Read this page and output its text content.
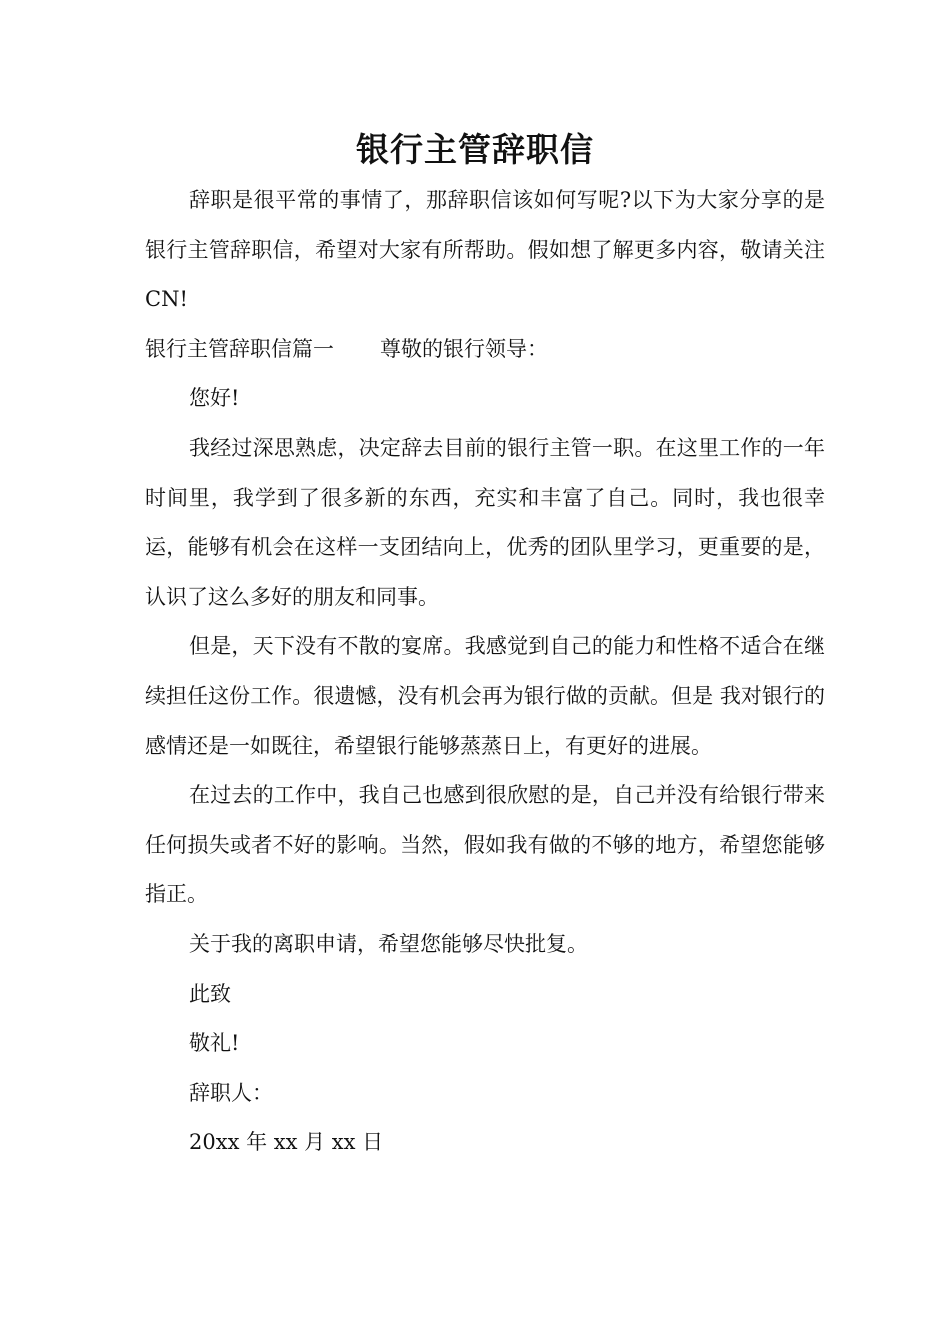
银行主管辞职信

辞职是很平常的事情了，那辞职信该如何写呢?以下为大家分享的是银行主管辞职信，希望对大家有所帮助。假如想了解更多内容，敬请关注CN!

银行主管辞职信篇一 尊敬的银行领导：

您好!

我经过深思熟虑，决定辞去目前的银行主管一职。在这里工作的一年时间里，我学到了很多新的东西，充实和丰富了自己。同时，我也很幸运，能够有机会在这样一支团结向上，优秀的团队里学习，更重要的是，认识了这么多好的朋友和同事。

但是，天下没有不散的宴席。我感觉到自己的能力和性格不适合在继续担任这份工作。很遗憾，没有机会再为银行做的贡献。但是 我对银行的感情还是一如既往，希望银行能够蒸蒸日上，有更好的进展。

在过去的工作中，我自己也感到很欣慰的是，自己并没有给银行带来任何损失或者不好的影响。当然，假如我有做的不够的地方，希望您能够指正。

关于我的离职申请，希望您能够尽快批复。

此致

敬礼!

辞职人：

20xx 年 xx 月 xx 日
